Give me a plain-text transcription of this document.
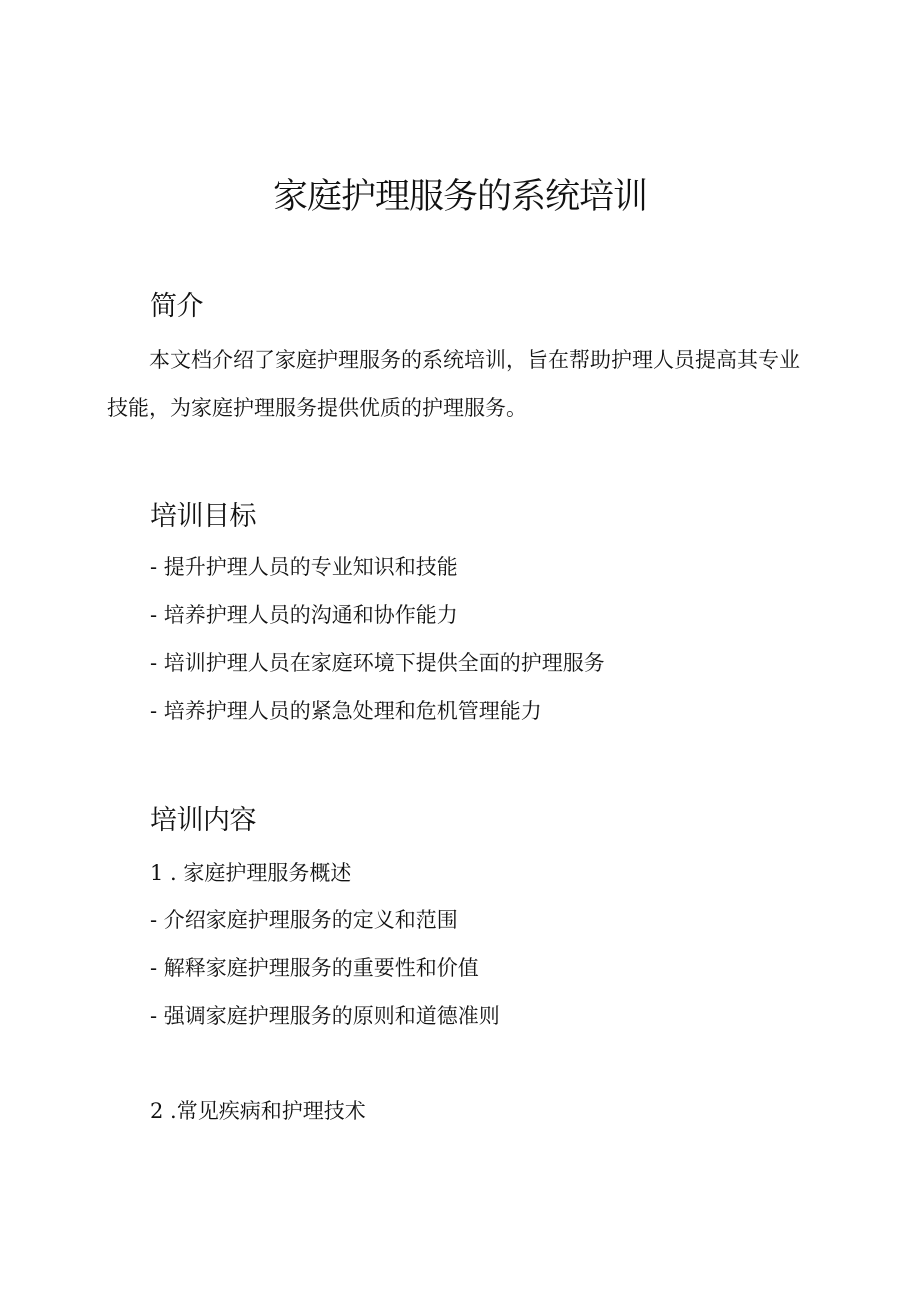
家庭护理服务的系统培训
简介

本文档介绍了家庭护理服务的系统培训，旨在帮助护理人员提高其专业技能，为家庭护理服务提供优质的护理服务。

培训目标
- 提升护理人员的专业知识和技能
- 培养护理人员的沟通和协作能力
- 培训护理人员在家庭环境下提供全面的护理服务
- 培养护理人员的紧急处理和危机管理能力
培训内容
1 . 家庭护理服务概述
- 介绍家庭护理服务的定义和范围
- 解释家庭护理服务的重要性和价值
- 强调家庭护理服务的原则和道德准则
2 .常见疾病和护理技术
